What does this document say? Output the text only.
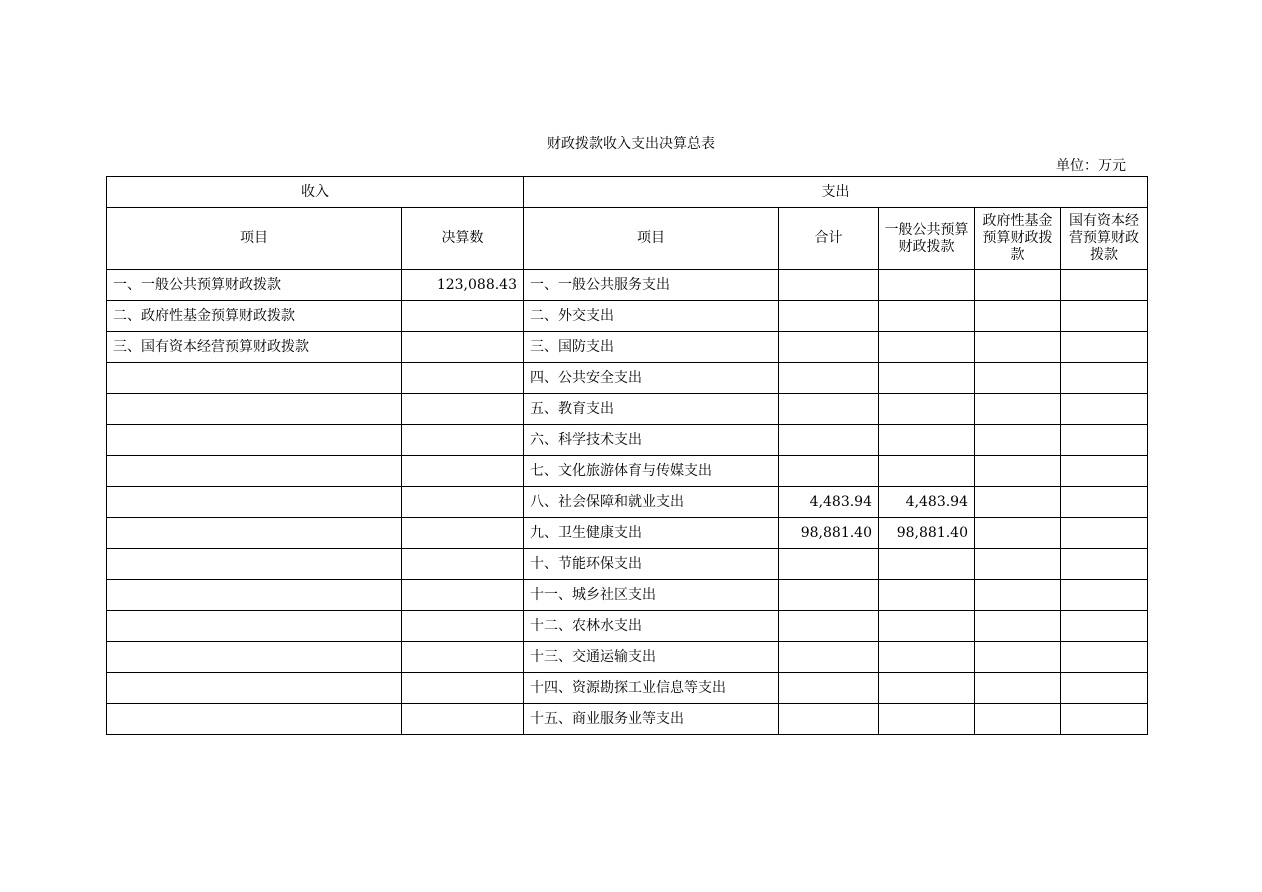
财政拨款收入支出决算总表
单位：万元
收入		支出				
项目	决算数	项目	合计	一般公共预算财政拨款	政府性基金预算财政拨款	国有资本经营预算财政拨款
一、一般公共预算财政拨款	123,088.43	一、一般公共服务支出				
二、政府性基金预算财政拨款		二、外交支出				
三、国有资本经营预算财政拨款		三、国防支出				
		四、公共安全支出				
		五、教育支出				
		六、科学技术支出				
		七、文化旅游体育与传媒支出				
		八、社会保障和就业支出	4,483.94	4,483.94		
		九、卫生健康支出	98,881.40	98,881.40		
		十、节能环保支出				
		十一、城乡社区支出				
		十二、农林水支出				
		十三、交通运输支出				
		十四、资源勘探工业信息等支出				
		十五、商业服务业等支出				
